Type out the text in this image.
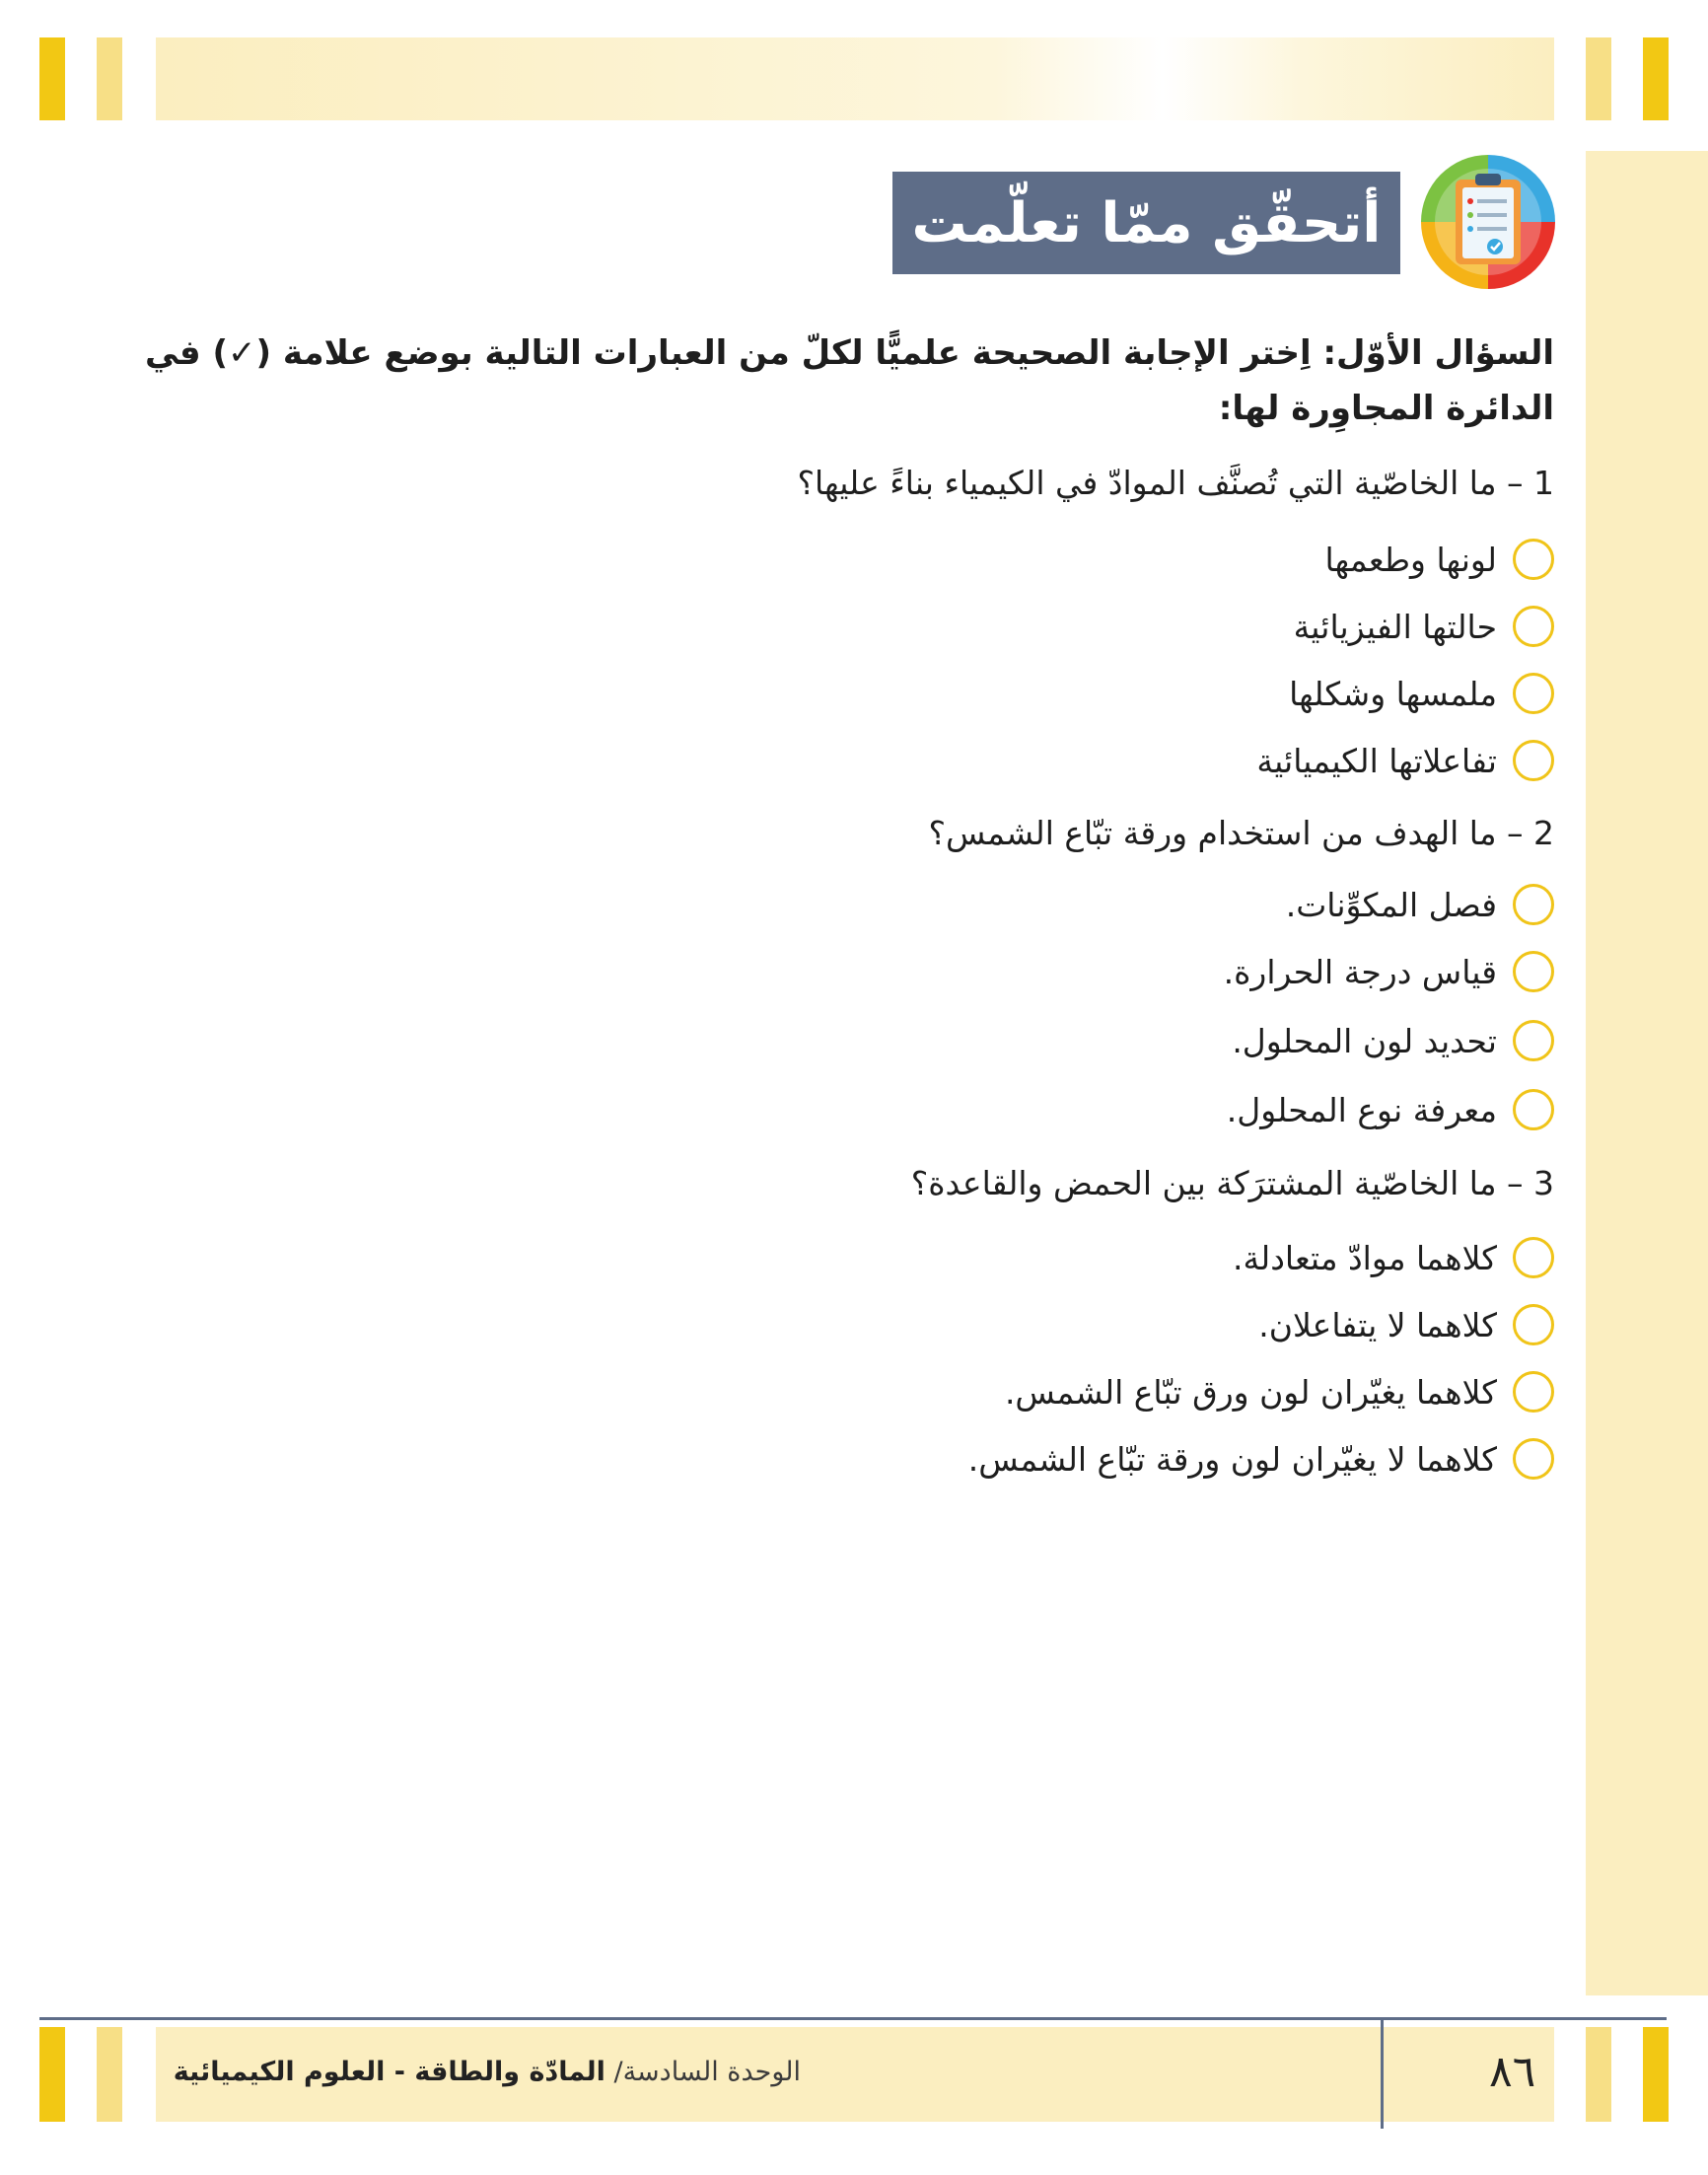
أتحقّق ممّا تعلّمت
السؤال الأوّل: اِختر الإجابة الصحيحة علميًّا لكلّ من العبارات التالية بوضع علامة (✓) في الدائرة المجاوِرة لها:
1 – ما الخاصّية التي تُصنَّف الموادّ في الكيمياء بناءً عليها؟
لونها وطعمها
حالتها الفيزيائية
ملمسها وشكلها
تفاعلاتها الكيميائية
2 – ما الهدف من استخدام ورقة تبّاع الشمس؟
فصل المكوِّنات.
قياس درجة الحرارة.
تحديد لون المحلول.
معرفة نوع المحلول.
3 – ما الخاصّية المشترَكة بين الحمض والقاعدة؟
كلاهما موادّ متعادلة.
كلاهما لا يتفاعلان.
كلاهما يغيّران لون ورق تبّاع الشمس.
كلاهما لا يغيّران لون ورقة تبّاع الشمس.
الوحدة السادسة/ المادّة والطاقة - العلوم الكيميائية	٨٦
